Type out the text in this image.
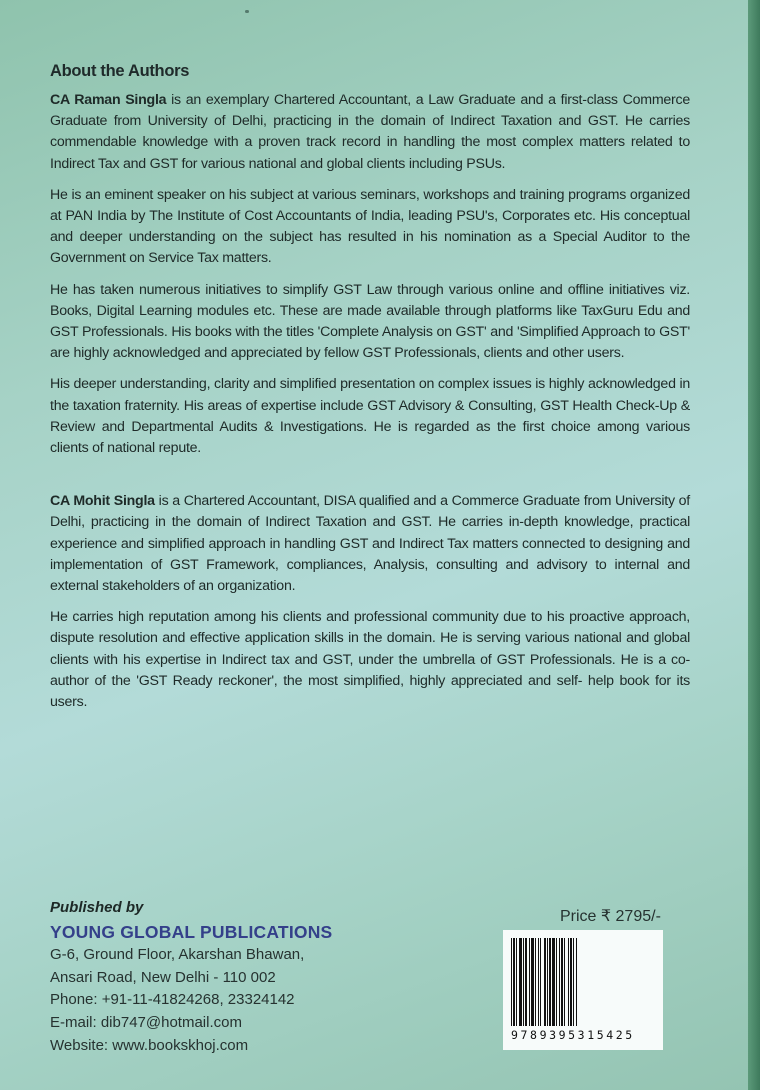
About the Authors

CA Raman Singla is an exemplary Chartered Accountant, a Law Graduate and a first-class Commerce Graduate from University of Delhi, practicing in the domain of Indirect Taxation and GST. He carries commendable knowledge with a proven track record in handling the most complex matters related to Indirect Tax and GST for various national and global clients including PSUs.

He is an eminent speaker on his subject at various seminars, workshops and training programs organized at PAN India by The Institute of Cost Accountants of India, leading PSU's, Corporates etc. His conceptual and deeper understanding on the subject has resulted in his nomination as a Special Auditor to the Government on Service Tax matters.

He has taken numerous initiatives to simplify GST Law through various online and offline initiatives viz. Books, Digital Learning modules etc. These are made available through platforms like TaxGuru Edu and GST Professionals. His books with the titles 'Complete Analysis on GST' and 'Simplified Approach to GST' are highly acknowledged and appreciated by fellow GST Professionals, clients and other users.

His deeper understanding, clarity and simplified presentation on complex issues is highly acknowledged in the taxation fraternity. His areas of expertise include GST Advisory & Consulting, GST Health Check-Up & Review and Departmental Audits & Investigations. He is regarded as the first choice among various clients of national repute.

CA Mohit Singla is a Chartered Accountant, DISA qualified and a Commerce Graduate from University of Delhi, practicing in the domain of Indirect Taxation and GST. He carries in-depth knowledge, practical experience and simplified approach in handling GST and Indirect Tax matters connected to designing and implementation of GST Framework, compliances, Analysis, consulting and advisory to internal and external stakeholders of an organization.

He carries high reputation among his clients and professional community due to his proactive approach, dispute resolution and effective application skills in the domain. He is serving various national and global clients with his expertise in Indirect tax and GST, under the umbrella of GST Professionals. He is a co- author of the 'GST Ready reckoner', the most simplified, highly appreciated and self- help book for its users.

Published by
YOUNG GLOBAL PUBLICATIONS
G-6, Ground Floor, Akarshan Bhawan,
Ansari Road, New Delhi - 110 002
Phone: +91-11-41824268, 23324142
E-mail: dib747@hotmail.com
Website: www.bookskhoj.com
Price ₹ 2795/-
9789395315425
